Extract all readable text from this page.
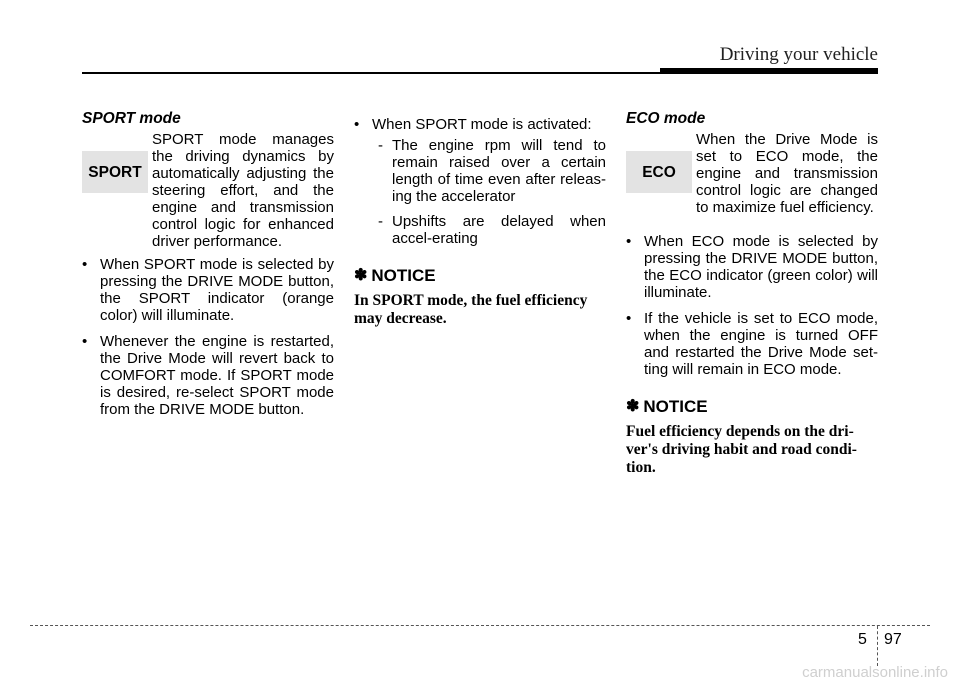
Driving your vehicle
SPORT mode
SPORT
SPORT mode manages the driving dynamics by automatically adjusting the steering effort, and the engine and transmission control logic for enhanced driver performance.
• When SPORT mode is selected by pressing the DRIVE MODE button, the SPORT indicator (orange color) will illuminate.
• Whenever the engine is restarted, the Drive Mode will revert back to COMFORT mode. If SPORT mode is desired, re-select SPORT mode from the DRIVE MODE button.
• When SPORT mode is activated:
- The engine rpm will tend to remain raised over a certain length of time even after releas-ing the accelerator
- Upshifts are delayed when accel-erating
✽ NOTICE
In SPORT mode, the fuel efficiency may decrease.
ECO mode
ECO
When the Drive Mode is set to ECO mode, the engine and transmission control logic are changed to maximize fuel efficiency.
• When ECO mode is selected by pressing the DRIVE MODE button, the ECO indicator (green color) will illuminate.
• If the vehicle is set to ECO mode, when the engine is turned OFF and restarted the Drive Mode set-ting will remain in ECO mode.
✽ NOTICE
Fuel efficiency depends on the dri-ver's driving habit and road condi-tion.
5 97
carmanualsonline.info
